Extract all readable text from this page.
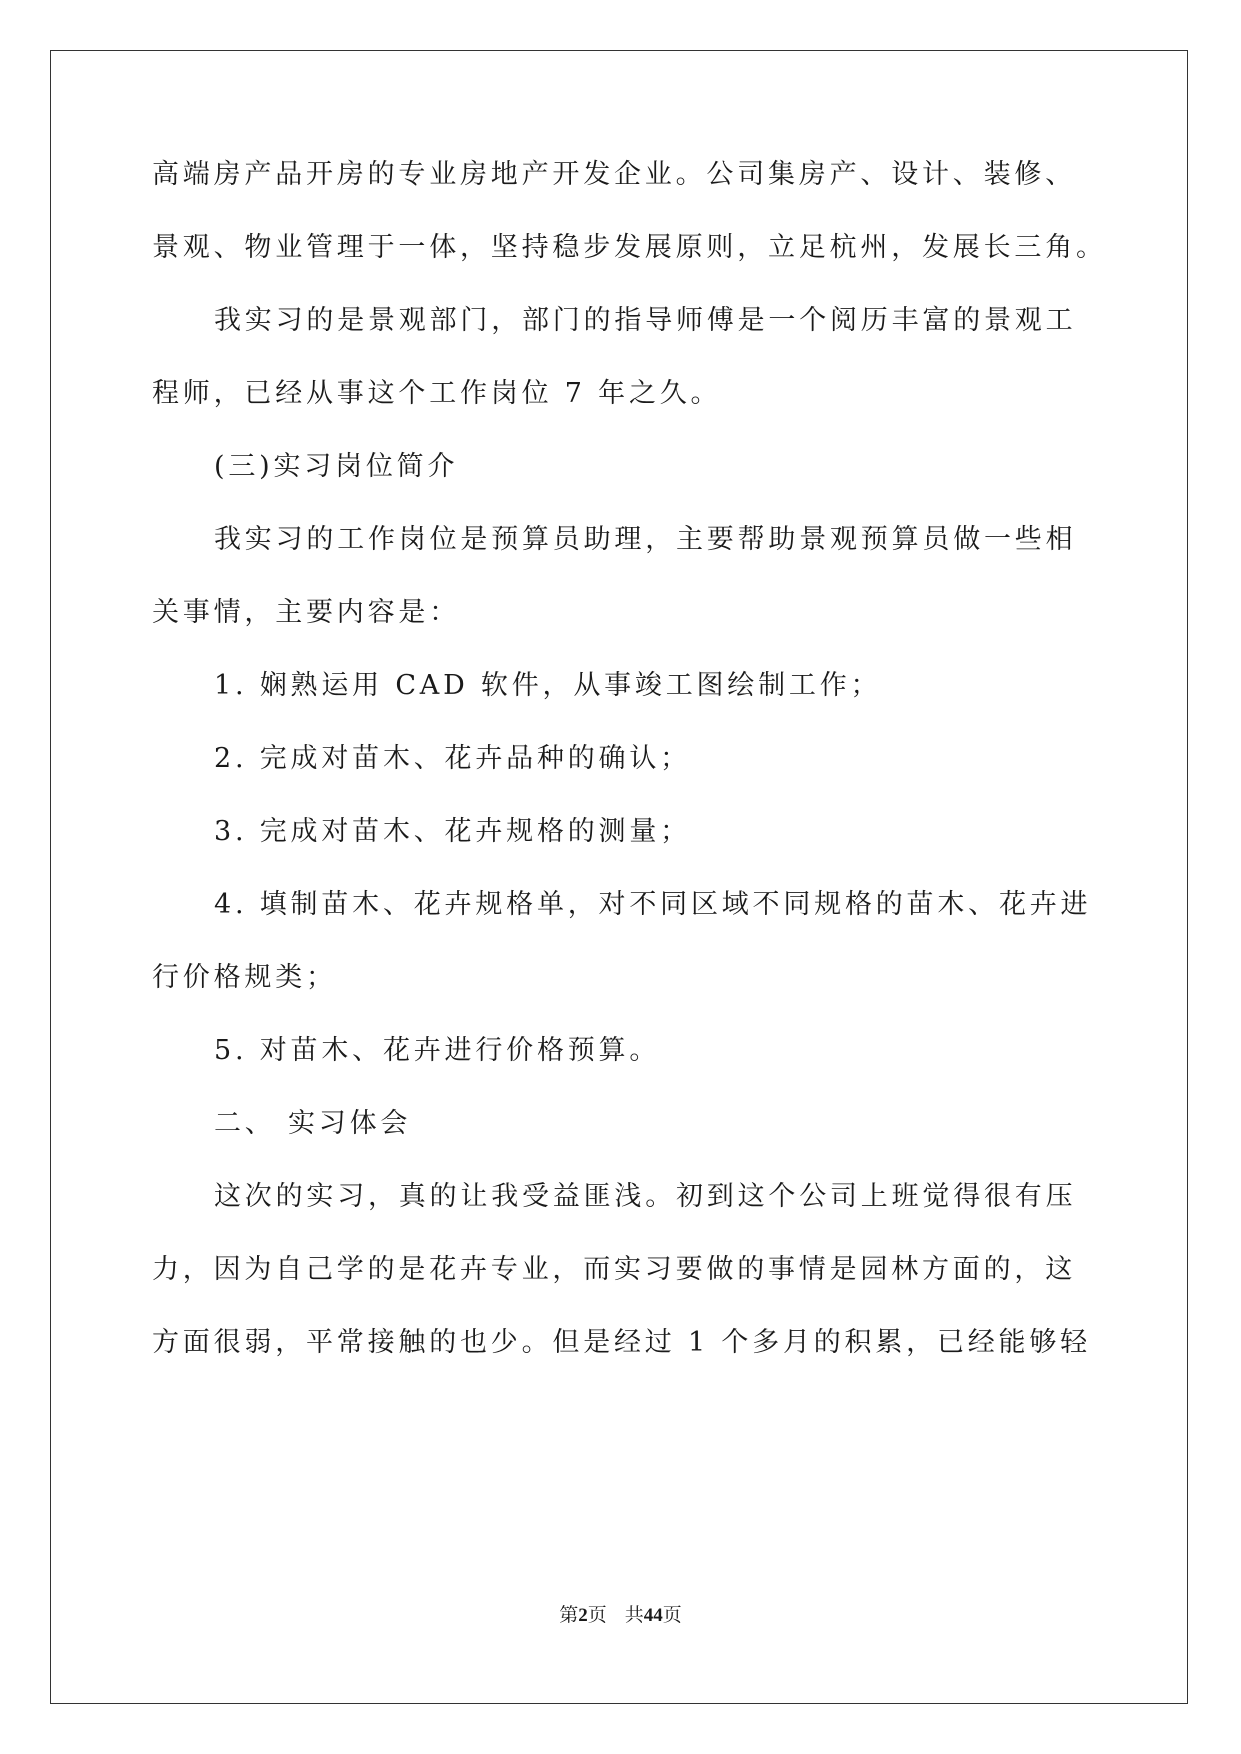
高端房产品开房的专业房地产开发企业。公司集房产、设计、装修、
景观、物业管理于一体，坚持稳步发展原则，立足杭州，发展长三角。
我实习的是景观部门，部门的指导师傅是一个阅历丰富的景观工
程师，已经从事这个工作岗位 7 年之久。
(三)实习岗位简介
我实习的工作岗位是预算员助理，主要帮助景观预算员做一些相
关事情，主要内容是：
1. 娴熟运用 CAD 软件，从事竣工图绘制工作；
2. 完成对苗木、花卉品种的确认；
3. 完成对苗木、花卉规格的测量；
4. 填制苗木、花卉规格单，对不同区域不同规格的苗木、花卉进
行价格规类；
5. 对苗木、花卉进行价格预算。
二、 实习体会
这次的实习，真的让我受益匪浅。初到这个公司上班觉得很有压
力，因为自己学的是花卉专业，而实习要做的事情是园林方面的，这
方面很弱，平常接触的也少。但是经过 1 个多月的积累，已经能够轻
第2页 共44页
